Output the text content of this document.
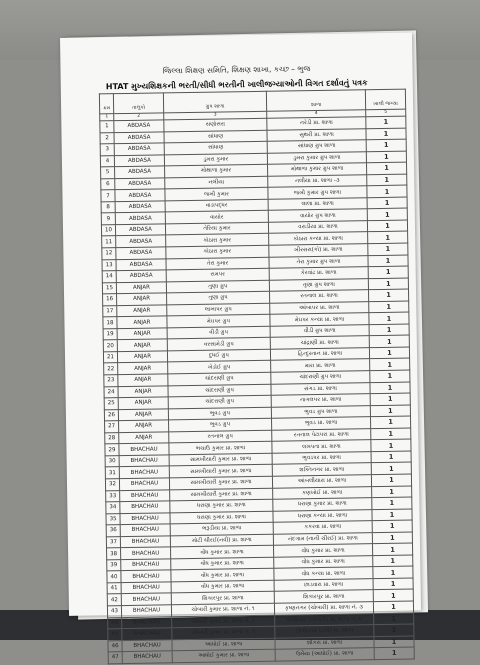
જિલ્લા શિક્ષણ સમિતિ, શિક્ષણ શાખા, કચ્છ – ભુજ
HTAT મુખ્યશિક્ષકની ભરતી/સીધી ભરતીની ખાલીજગ્યાઓની વિગત દર્શાવતું પત્રક
ક્રમ	તાલુકો	ગ્રુપ શાળા	શાળા	ખાલી જગ્યા
1	2	3	4	5
1	ABDASA	સણોસરા	નરેડી પ્રા. શાળા	1
2	ABDASA	સાંધાણ	સુથરી પ્રા. શાળા	1
3	ABDASA	સાંધાણ	સાંધાણ ગ્રુપ શાળા	1
4	ABDASA	ડુમરા કુમાર	ડુમરા કુમાર ગ્રુપ શાળા	1
5	ABDASA	મોથાળા કુમાર	મોથાળા કુમાર ગ્રુપ શાળા	1
6	ABDASA	નલીયા	નલીયા પ્રા. શાળા -૩	1
7	ABDASA	જખૌ કુમાર	જખૌ કુમાર ગ્રુપ શાળા	1
8	ABDASA	વાડાપદ્ધર	લાલા પ્રા. શાળા	1
9	ABDASA	વાયોર	વાયોર ગ્રુપ શાળા	1
10	ABDASA	તેરિયા કુમાર	વરાડીયા પ્રા. શાળા	1
11	ABDASA	કોઠારા કુમાર	કોઠારા કન્યા પ્રા. શાળા	1
12	ABDASA	કોઠારા કુમાર	ખીરસરા(કો) પ્રા. શાળા	1
13	ABDASA	તેરા કુમાર	તેરા કુમાર ગ્રુપ શાળા	1
14	ABDASA	રામપર	કેરવાંઢ પ્રા. શાળા	1
15	ANJAR	તુણા ગ્રુપ	તુણા ગ્રુપ શાળા	1
16	ANJAR	તુણા ગ્રુપ	રતનાલ પ્રા. શાળા	1
17	ANJAR	લાખાપર ગ્રુપ	આંબાપર પ્રા. શાળા	1
18	ANJAR	મેઘપર ગ્રુપ	મેઘપર કન્યા પ્રા. શાળા	1
19	ANJAR	વીડી ગ્રુપ	વીડી ગ્રુપ શાળા	1
20	ANJAR	વરસામેડી ગ્રુપ	ચાંદ્રાણી પ્રા. શાળા	1
21	ANJAR	દુધઈ ગ્રુપ	હિન્દુસ્તાન પ્રા. શાળા	1
22	ANJAR	ખેડોઈ ગ્રુપ	મારા પ્રા. શાળા	1
23	ANJAR	ચાંદરાણી ગ્રુપ	ચાંદરાણી ગ્રુપ શાળા	1
24	ANJAR	ચાંદરાણી ગ્રુપ	સંગડ પ્રા. શાળા	1
25	ANJAR	ચાંદરાણી ગ્રુપ	નાગલપર પ્રા. શાળા	1
26	ANJAR	ભુવડ ગ્રુપ	ભુવડ ગ્રુપ શાળા	1
27	ANJAR	ભુવડ ગ્રુપ	ભુવડ પ્રા. શાળા	1
28	ANJAR	રતનાલ ગ્રુપ	રતનાલ પેટાપરા પ્રા. શાળા	1
29	BHACHAU	ભચાઉ કુમાર પ્રા. શાળા	લખપતા પ્રા. શાળા	1
30	BHACHAU	સામખીયારી કુમાર પ્રા. શાળા	ભુવડપર પ્રા. શાળા	1
31	BHACHAU	સામખીયારી કુમાર પ્રા. શાળા	શક્તિનગર પ્રા. શાળા	1
32	BHACHAU	સામખીયારી કુમાર પ્રા. શાળા	આંબલીયારા પ્રા. શાળા	1
33	BHACHAU	સામખીયારી કુમાર પ્રા. શાળા	કણખોઈ પ્રા. શાળા	1
34	BHACHAU	ધરાણા કુમાર પ્રા. શાળા	ધરાણા કુમાર પ્રા. શાળા	1
35	BHACHAU	ધરાણા કુમાર પ્રા. શાળા	ધરાણા કન્યા પ્રા. શાળા	1
36	BHACHAU	ભરૂડીયા પ્રા. શાળા	કકરવા પ્રા. શાળા	1
37	BHACHAU	મોટી ચીરઈ(નવી) પ્રા. શાળા	નંદગામ (નાની ચીરઈ) પ્રા. શાળા	1
38	BHACHAU	વોંધ કુમાર પ્રા. શાળા	વોંધ કુમાર પ્રા. શાળા	1
39	BHACHAU	વોંધ કુમાર પ્રા. શાળા	વોંધ કુમાર પ્રા. શાળા	1
40	BHACHAU	વોંધ કુમાર પ્રા. શાળા	વોંધ કન્યા પ્રા. શાળા	1
41	BHACHAU	વોંધ કુમાર પ્રા. શાળા	છાડવારા પ્રા. શાળા	1
42	BHACHAU	શિકારપુર પ્રા. શાળા	શિકારપુર પ્રા. શાળા	1
43	BHACHAU	ચોબારી કુમાર પ્રા. શાળા નં. ૧	કૃષ્ણનગર (ચોબારી) પ્રા. શાળા નં. ૩	1
44	BHACHAU	ચોબારી કુમાર પ્રા. શાળા નં. ૧	ભોજાવાંઢ (ચોબારી) પ્રા. શાળા નં. ૪	1
45	BHACHAU	ચોબારી કુમાર પ્રા. શાળા નં. ૧	ટીંબીનગર (ઢોરી) પ્રા. શાળા	1
46	BHACHAU	આધોઈ પ્રા. શાળા	શીકરા પ્રા. શાળા	1
47	BHACHAU	આધોઈ કુમાર પ્રા. શાળા	ઉમૈયા (આધોઈ) પ્રા. શાળા	1
